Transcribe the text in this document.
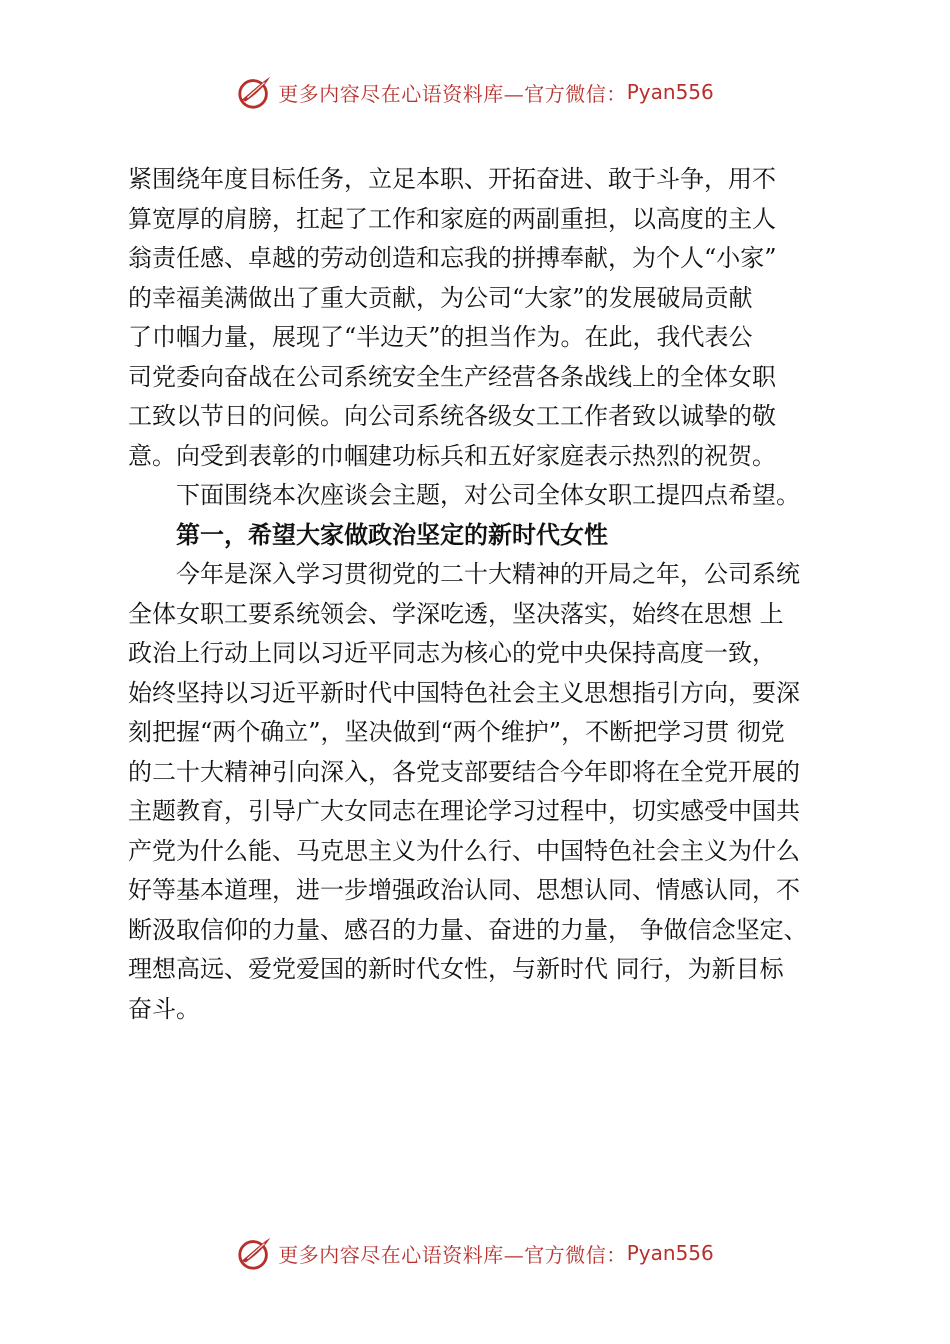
更多内容尽在心语资料库—官方微信： Pyan556
紧围绕年度目标任务，立足本职、开拓奋进、敢于斗争，用不
算宽厚的肩膀，扛起了工作和家庭的两副重担，以高度的主人
翁责任感、卓越的劳动创造和忘我的拼搏奉献，为个人“小家”
的幸福美满做出了重大贡献，为公司“大家”的发展破局贡献
了巾帼力量，展现了“半边天”的担当作为。在此，我代表公
司党委向奋战在公司系统安全生产经营各条战线上的全体女职
工致以节日的问候。向公司系统各级女工工作者致以诚挚的敬
意。向受到表彰的巾帼建功标兵和五好家庭表示热烈的祝贺。
下面围绕本次座谈会主题，对公司全体女职工提四点希望。
第一，希望大家做政治坚定的新时代女性
今年是深入学习贯彻党的二十大精神的开局之年，公司系统
全体女职工要系统领会、学深吃透，坚决落实，始终在思想 上
政治上行动上同以习近平同志为核心的党中央保持高度一致，
始终坚持以习近平新时代中国特色社会主义思想指引方向，要深
刻把握“两个确立”，坚决做到“两个维护”，不断把学习贯 彻党
的二十大精神引向深入，各党支部要结合今年即将在全党开展的
主题教育，引导广大女同志在理论学习过程中，切实感受中国共
产党为什么能、马克思主义为什么行、中国特色社会主义为什么
好等基本道理，进一步增强政治认同、思想认同、情感认同，不
断汲取信仰的力量、感召的力量、奋进的力量， 争做信念坚定、
理想高远、爱党爱国的新时代女性，与新时代 同行，为新目标
奋斗。
更多内容尽在心语资料库—官方微信： Pyan556
